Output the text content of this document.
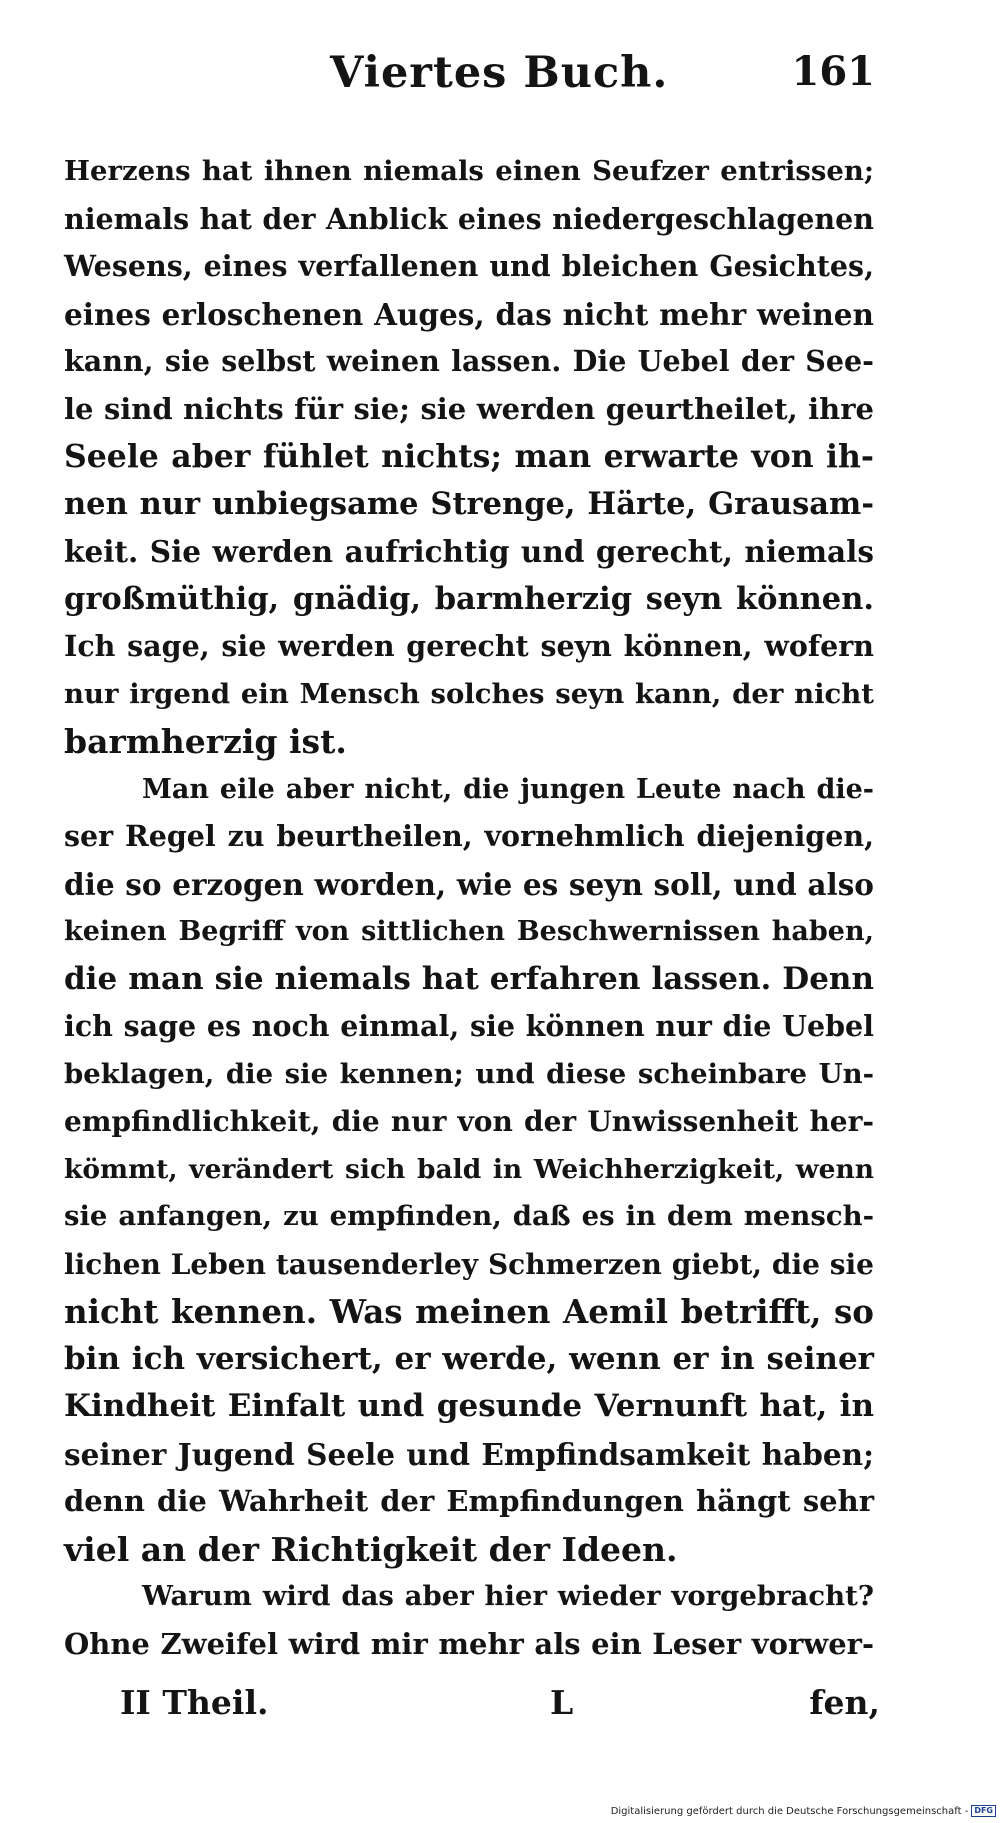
Viertes Buch.	161
Herzens hat ihnen niemals einen Seufzer entrissen;
niemals hat der Anblick eines niedergeschlagenen
Wesens, eines verfallenen und bleichen Gesichtes,
eines erloschenen Auges, das nicht mehr weinen
kann, sie selbst weinen lassen. Die Uebel der See-
le sind nichts für sie; sie werden geurtheilet, ihre
Seele aber fühlet nichts; man erwarte von ih-
nen nur unbiegsame Strenge, Härte, Grausam-
keit. Sie werden aufrichtig und gerecht, niemals
großmüthig, gnädig, barmherzig seyn können.
Ich sage, sie werden gerecht seyn können, wofern
nur irgend ein Mensch solches seyn kann, der nicht
barmherzig ist.
Man eile aber nicht, die jungen Leute nach die-
ser Regel zu beurtheilen, vornehmlich diejenigen,
die so erzogen worden, wie es seyn soll, und also
keinen Begriff von sittlichen Beschwernissen haben,
die man sie niemals hat erfahren lassen. Denn
ich sage es noch einmal, sie können nur die Uebel
beklagen, die sie kennen; und diese scheinbare Un-
empfindlichkeit, die nur von der Unwissenheit her-
kömmt, verändert sich bald in Weichherzigkeit, wenn
sie anfangen, zu empfinden, daß es in dem mensch-
lichen Leben tausenderley Schmerzen giebt, die sie
nicht kennen. Was meinen Aemil betrifft, so
bin ich versichert, er werde, wenn er in seiner
Kindheit Einfalt und gesunde Vernunft hat, in
seiner Jugend Seele und Empfindsamkeit haben;
denn die Wahrheit der Empfindungen hängt sehr
viel an der Richtigkeit der Ideen.
Warum wird das aber hier wieder vorgebracht?
Ohne Zweifel wird mir mehr als ein Leser vorwer-
II Theil.	L	fen,
Digitalisierung gefördert durch die Deutsche Forschungsgemeinschaft - DFG
